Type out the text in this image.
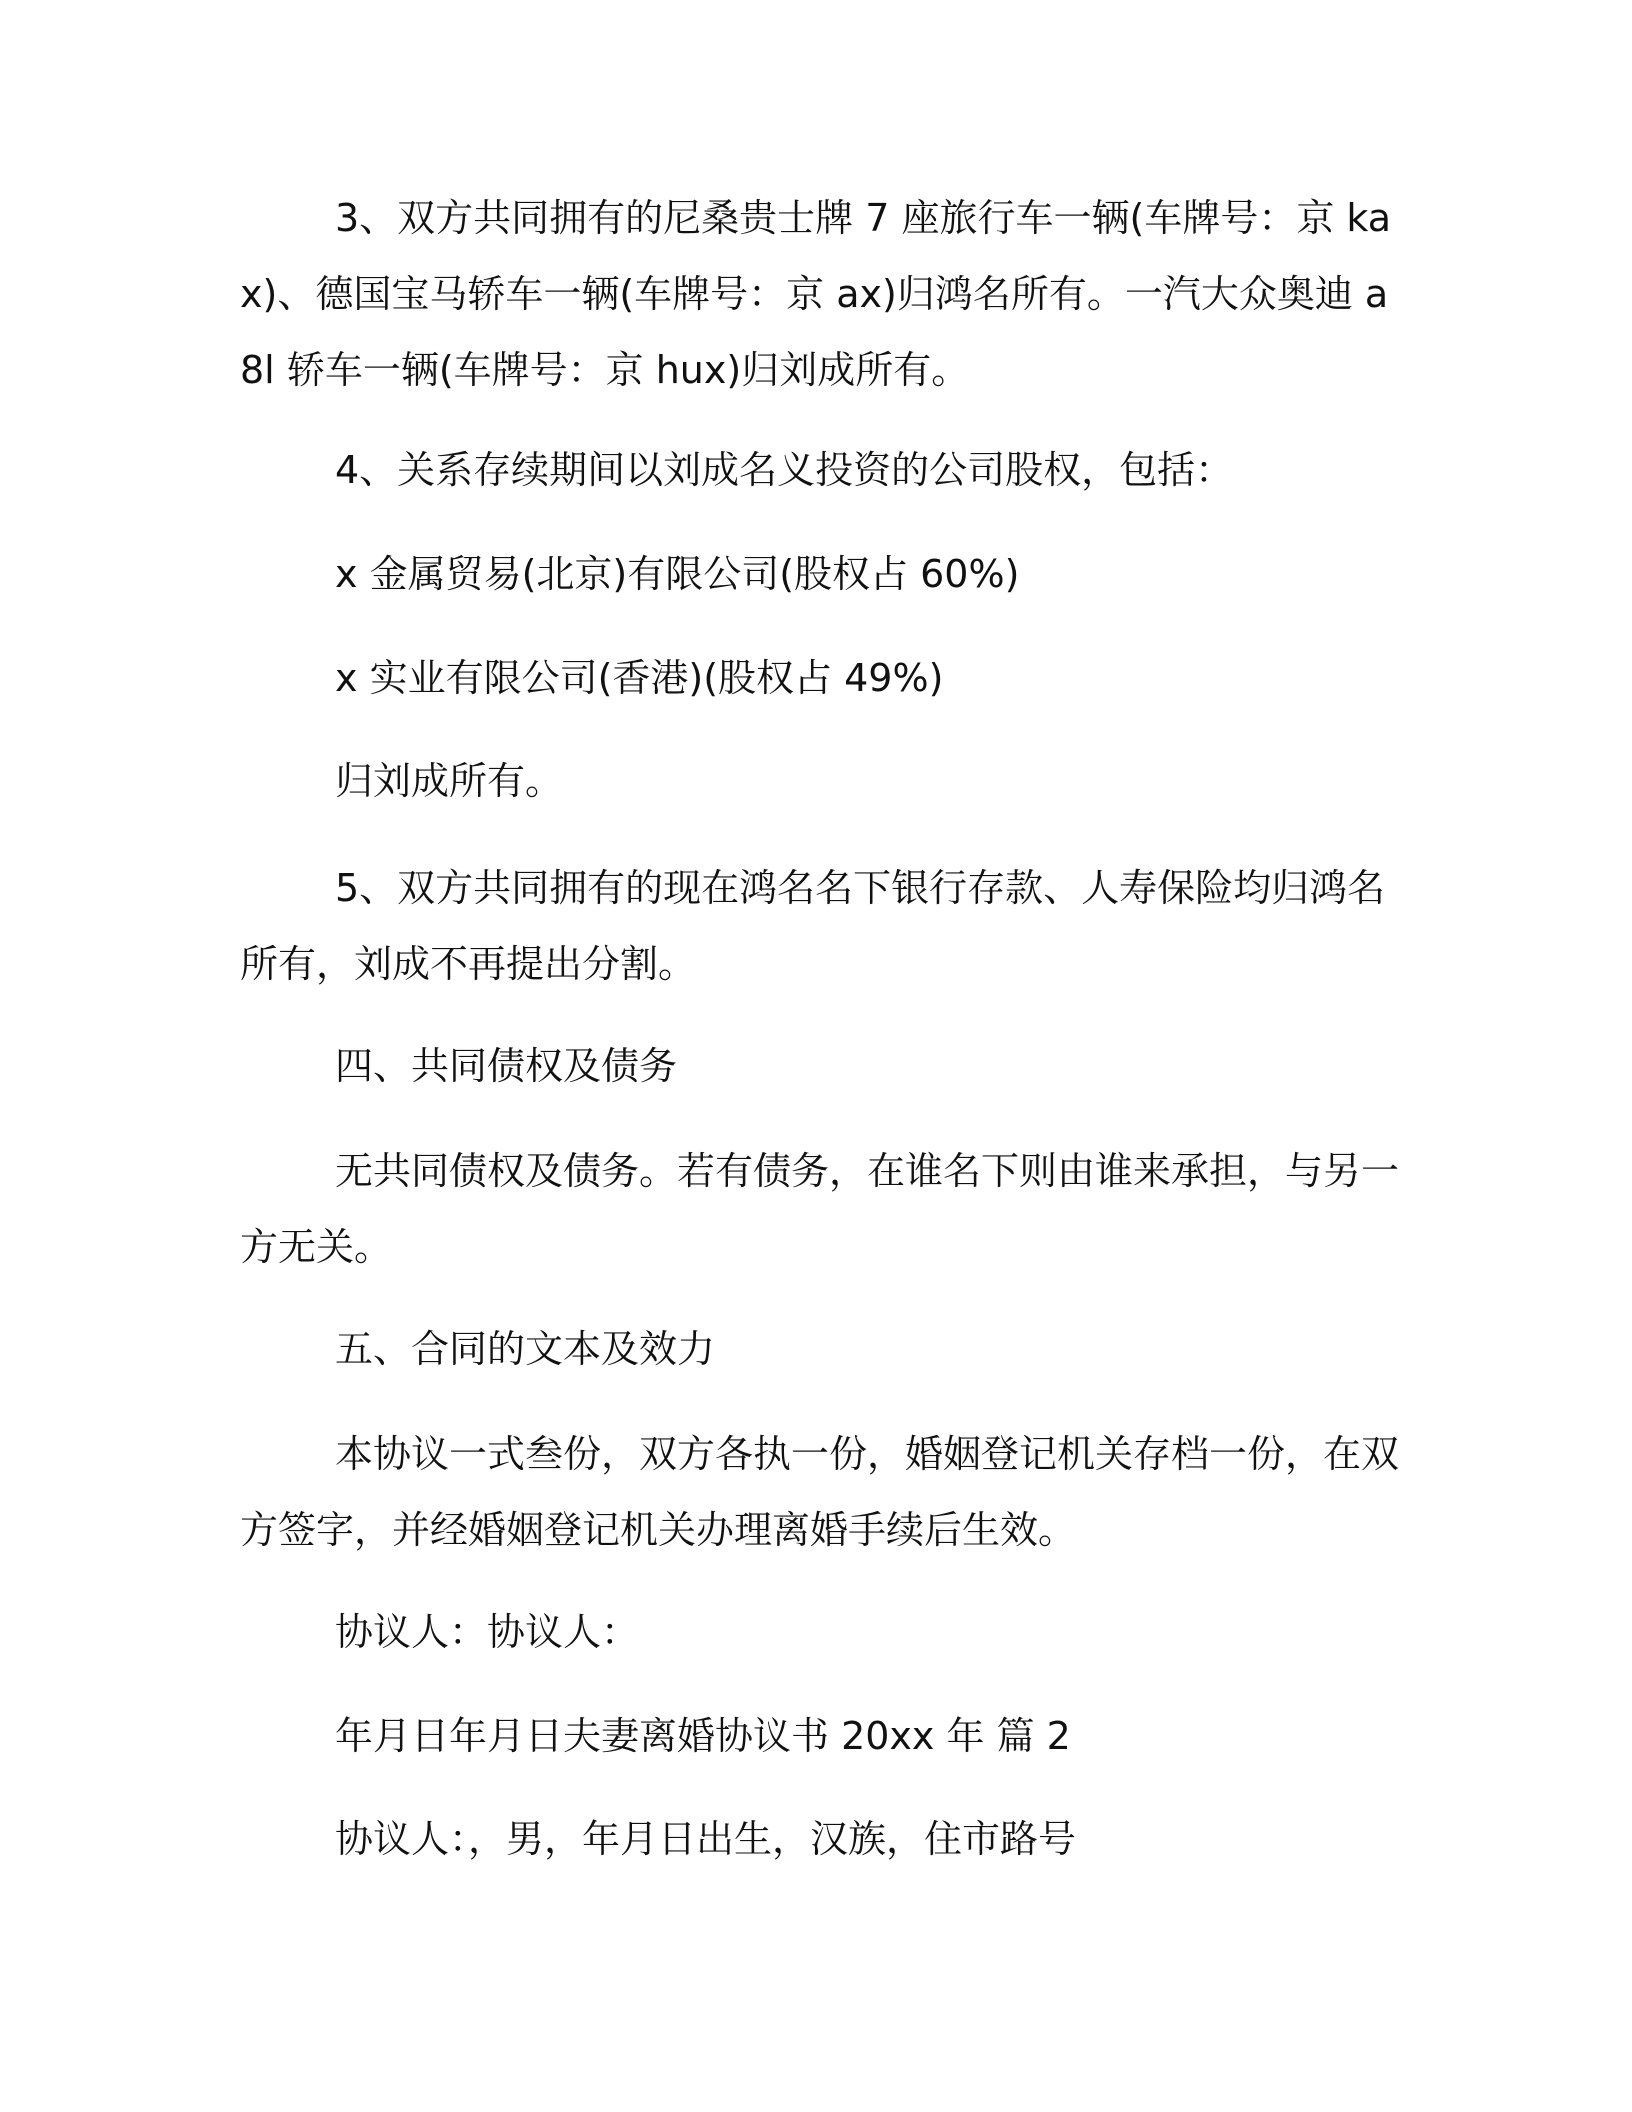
3、双方共同拥有的尼桑贵士牌 7 座旅行车一辆(车牌号：京 kax)、德国宝马轿车一辆(车牌号：京 ax)归鸿名所有。一汽大众奥迪 a8l 轿车一辆(车牌号：京 hux)归刘成所有。

4、关系存续期间以刘成名义投资的公司股权，包括：

x 金属贸易(北京)有限公司(股权占 60%)

x 实业有限公司(香港)(股权占 49%)

归刘成所有。

5、双方共同拥有的现在鸿名名下银行存款、人寿保险均归鸿名所有，刘成不再提出分割。

四、共同债权及债务

无共同债权及债务。若有债务，在谁名下则由谁来承担，与另一方无关。

五、合同的文本及效力

本协议一式叁份，双方各执一份，婚姻登记机关存档一份，在双方签字，并经婚姻登记机关办理离婚手续后生效。

协议人：协议人：

年月日年月日夫妻离婚协议书 20xx 年 篇 2

协议人：，男，年月日出生，汉族，住市路号
